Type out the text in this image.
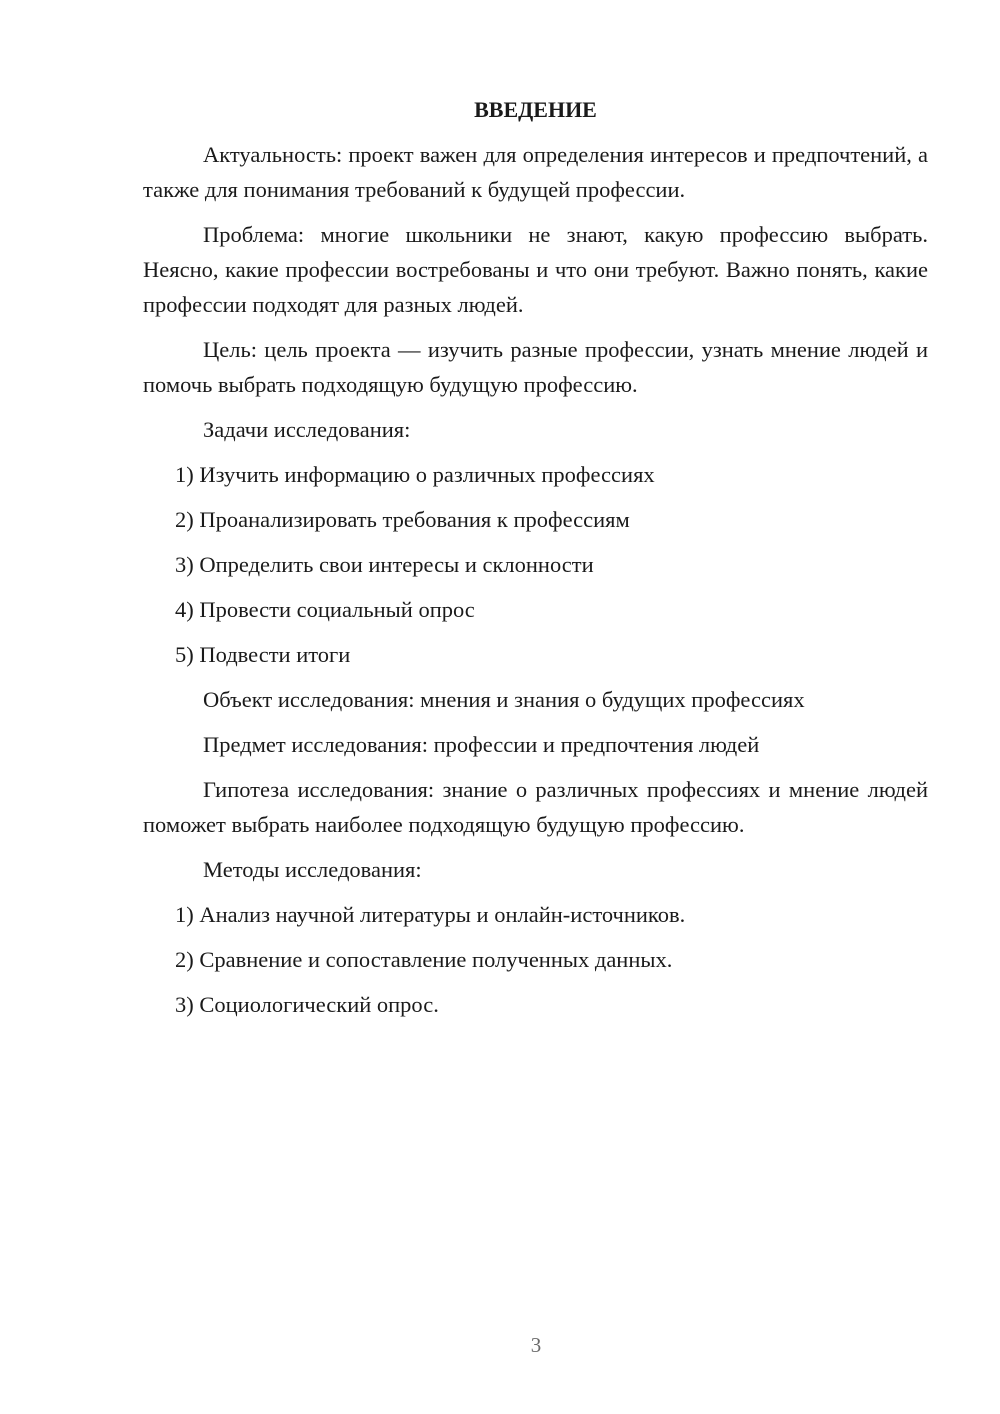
ВВЕДЕНИЕ

Актуальность: проект важен для определения интересов и предпочтений, а также для понимания требований к будущей профессии.

Проблема: многие школьники не знают, какую профессию выбрать. Неясно, какие профессии востребованы и что они требуют. Важно понять, какие профессии подходят для разных людей.

Цель: цель проекта — изучить разные профессии, узнать мнение людей и помочь выбрать подходящую будущую профессию.

Задачи исследования:

1) Изучить информацию о различных профессиях

2) Проанализировать требования к профессиям

3) Определить свои интересы и склонности

4) Провести социальный опрос

5) Подвести итоги

Объект исследования: мнения и знания о будущих профессиях

Предмет исследования: профессии и предпочтения людей

Гипотеза исследования: знание о различных профессиях и мнение людей поможет выбрать наиболее подходящую будущую профессию.

Методы исследования:

1) Анализ научной литературы и онлайн-источников.

2) Сравнение и сопоставление полученных данных.

3) Социологический опрос.

3
